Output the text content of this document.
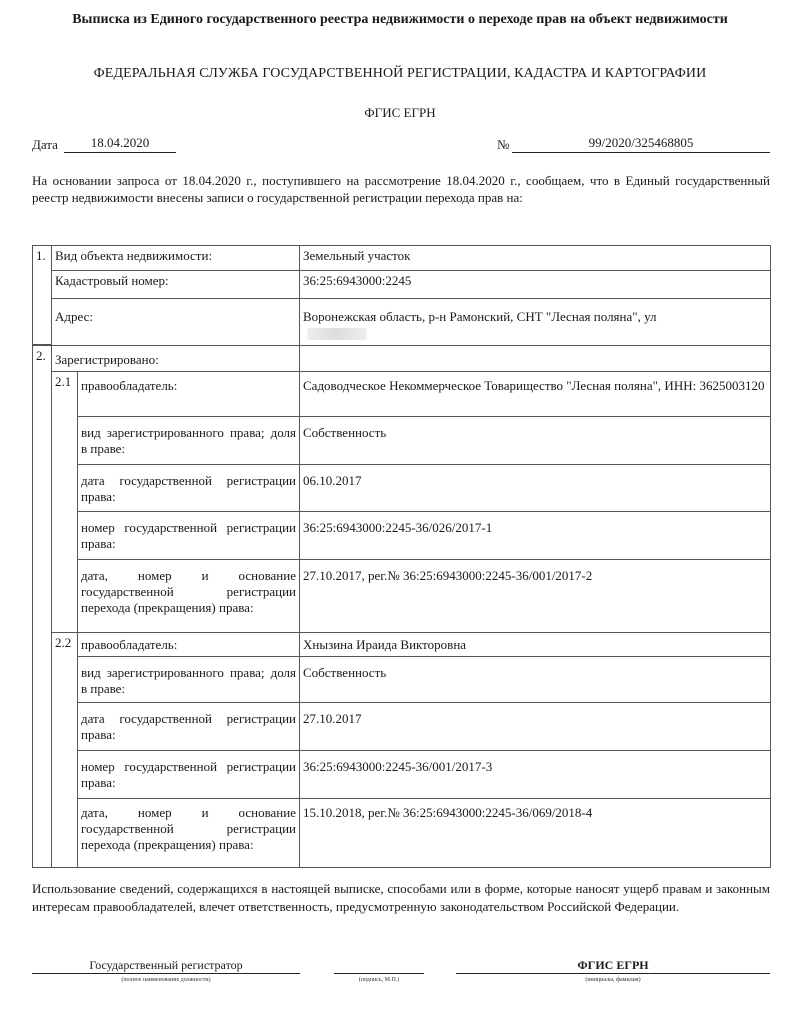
Выписка из Единого государственного реестра недвижимости о переходе прав на объект недвижимости
ФЕДЕРАЛЬНАЯ СЛУЖБА ГОСУДАРСТВЕННОЙ РЕГИСТРАЦИИ, КАДАСТРА И КАРТОГРАФИИ
ФГИС ЕГРН
Дата	18.04.2020	№	99/2020/325468805
На основании запроса от 18.04.2020 г., поступившего на рассмотрение 18.04.2020 г., сообщаем, что в Единый государственный реестр недвижимости внесены записи о государственной регистрации перехода прав на:
1. Вид объекта недвижимости:	Земельный участок
Кадастровый номер:	36:25:6943000:2245
Адрес:	Воронежская область, р-н Рамонский, СНТ "Лесная поляна", ул

2. Зарегистрировано:
2.1 правообладатель:	Садоводческое Некоммерческое Товарищество "Лесная поляна", ИНН: 3625003120
вид зарегистрированного права; доля в праве:
Собственность
дата государственной регистрации права:
06.10.2017
номер государственной регистрации права:
36:25:6943000:2245-36/026/2017-1
дата, номер и основание государственной регистрации перехода (прекращения) права:
27.10.2017, рег.№ 36:25:6943000:2245-36/001/2017-2
2.2 правообладатель:	Хнызина Ираида Викторовна
вид зарегистрированного права; доля в праве:
Собственность
дата государственной регистрации права:
27.10.2017
номер государственной регистрации права:
36:25:6943000:2245-36/001/2017-3
дата, номер и основание государственной регистрации перехода (прекращения) права:
15.10.2018, рег.№ 36:25:6943000:2245-36/069/2018-4
Использование сведений, содержащихся в настоящей выписке, способами или в форме, которые наносят ущерб правам и законным интересам правообладателей, влечет ответственность, предусмотренную законодательством Российской Федерации.
Государственный регистратор
(полное наименование должности)	(подпись, М.П.)
ФГИС ЕГРН
(инициалы, фамилия)
